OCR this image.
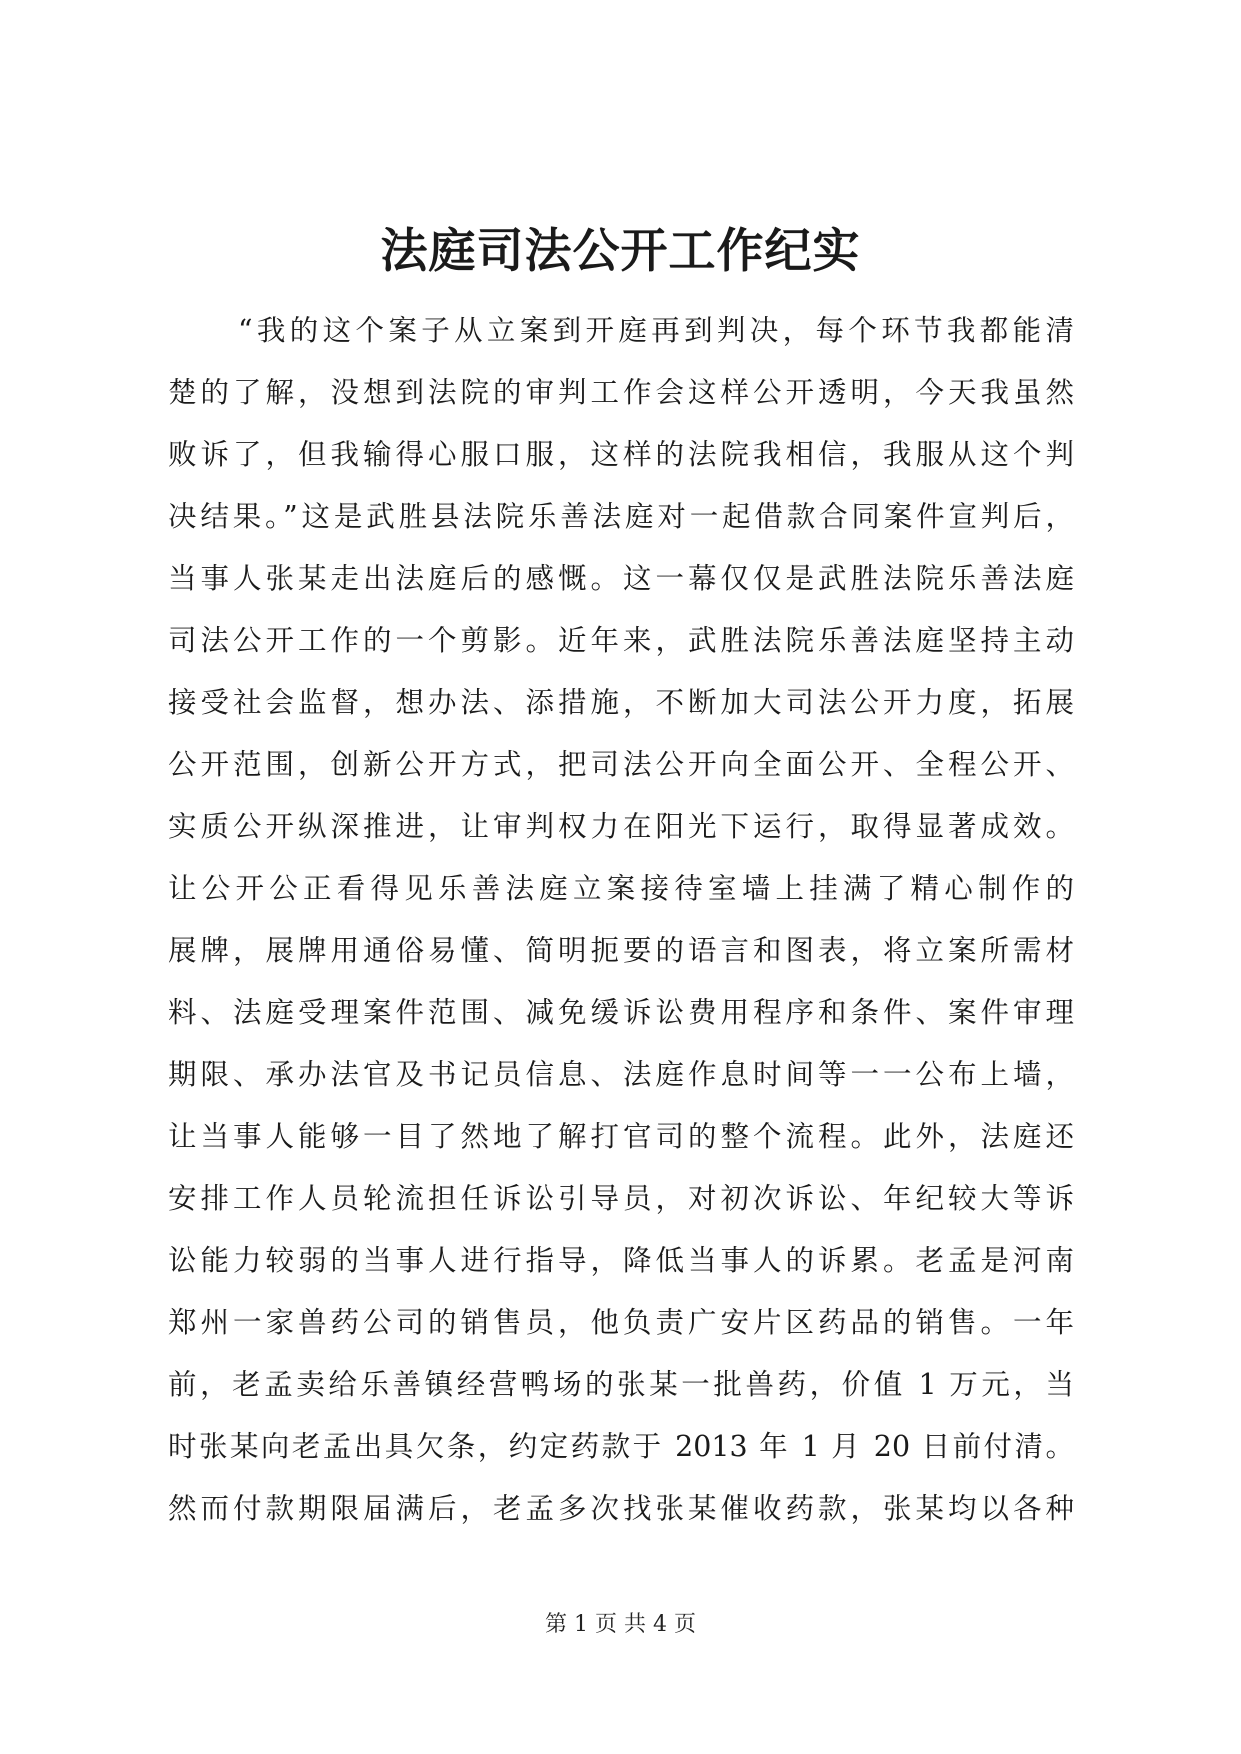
法庭司法公开工作纪实
“我的这个案子从立案到开庭再到判决，每个环节我都能清
楚的了解，没想到法院的审判工作会这样公开透明，今天我虽然
败诉了，但我输得心服口服，这样的法院我相信，我服从这个判
决结果。”这是武胜县法院乐善法庭对一起借款合同案件宣判后，
当事人张某走出法庭后的感慨。这一幕仅仅是武胜法院乐善法庭
司法公开工作的一个剪影。近年来，武胜法院乐善法庭坚持主动
接受社会监督，想办法、添措施，不断加大司法公开力度，拓展
公开范围，创新公开方式，把司法公开向全面公开、全程公开、
实质公开纵深推进，让审判权力在阳光下运行，取得显著成效。
让公开公正看得见乐善法庭立案接待室墙上挂满了精心制作的
展牌，展牌用通俗易懂、简明扼要的语言和图表，将立案所需材
料、法庭受理案件范围、减免缓诉讼费用程序和条件、案件审理
期限、承办法官及书记员信息、法庭作息时间等一一公布上墙，
让当事人能够一目了然地了解打官司的整个流程。此外，法庭还
安排工作人员轮流担任诉讼引导员，对初次诉讼、年纪较大等诉
讼能力较弱的当事人进行指导，降低当事人的诉累。老孟是河南
郑州一家兽药公司的销售员，他负责广安片区药品的销售。一年
前，老孟卖给乐善镇经营鸭场的张某一批兽药，价值 1 万元，当
时张某向老孟出具欠条，约定药款于 2013 年 1 月 20 日前付清。
然而付款期限届满后，老孟多次找张某催收药款，张某均以各种
第 1 页 共 4 页
